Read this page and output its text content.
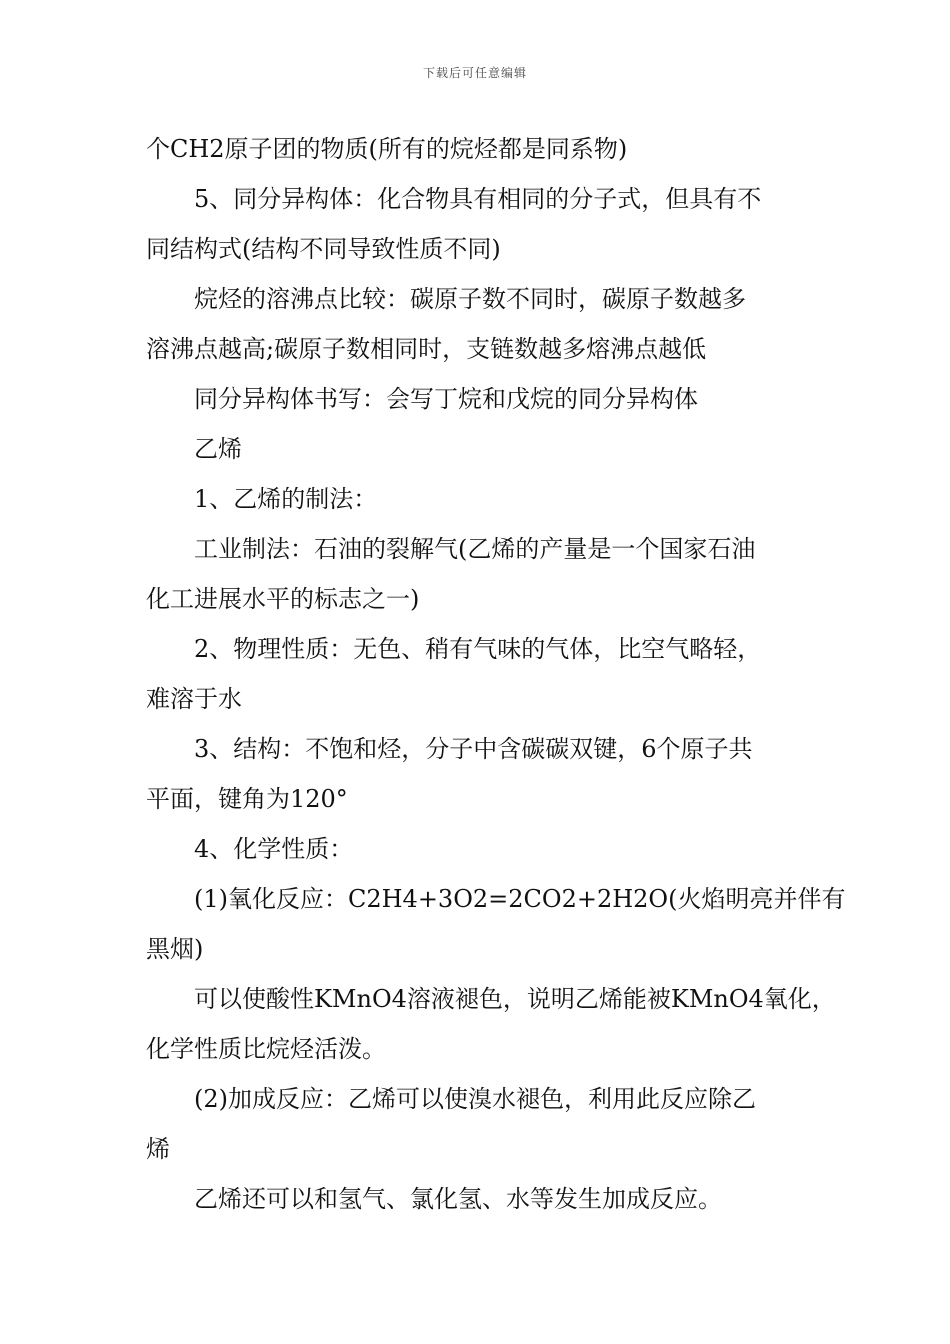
下载后可任意编辑
个CH2原子团的物质(所有的烷烃都是同系物)
5、同分异构体：化合物具有相同的分子式，但具有不
同结构式(结构不同导致性质不同)
烷烃的溶沸点比较：碳原子数不同时，碳原子数越多
溶沸点越高;碳原子数相同时，支链数越多熔沸点越低
同分异构体书写：会写丁烷和戊烷的同分异构体
乙烯
1、乙烯的制法：
工业制法：石油的裂解气(乙烯的产量是一个国家石油
化工进展水平的标志之一)
2、物理性质：无色、稍有气味的气体，比空气略轻，
难溶于水
3、结构：不饱和烃，分子中含碳碳双键，6个原子共
平面，键角为120°
4、化学性质：
(1)氧化反应：C2H4+3O2=2CO2+2H2O(火焰明亮并伴有
黑烟)
可以使酸性KMnO4溶液褪色，说明乙烯能被KMnO4氧化，
化学性质比烷烃活泼。
(2)加成反应：乙烯可以使溴水褪色，利用此反应除乙
烯
乙烯还可以和氢气、氯化氢、水等发生加成反应。
